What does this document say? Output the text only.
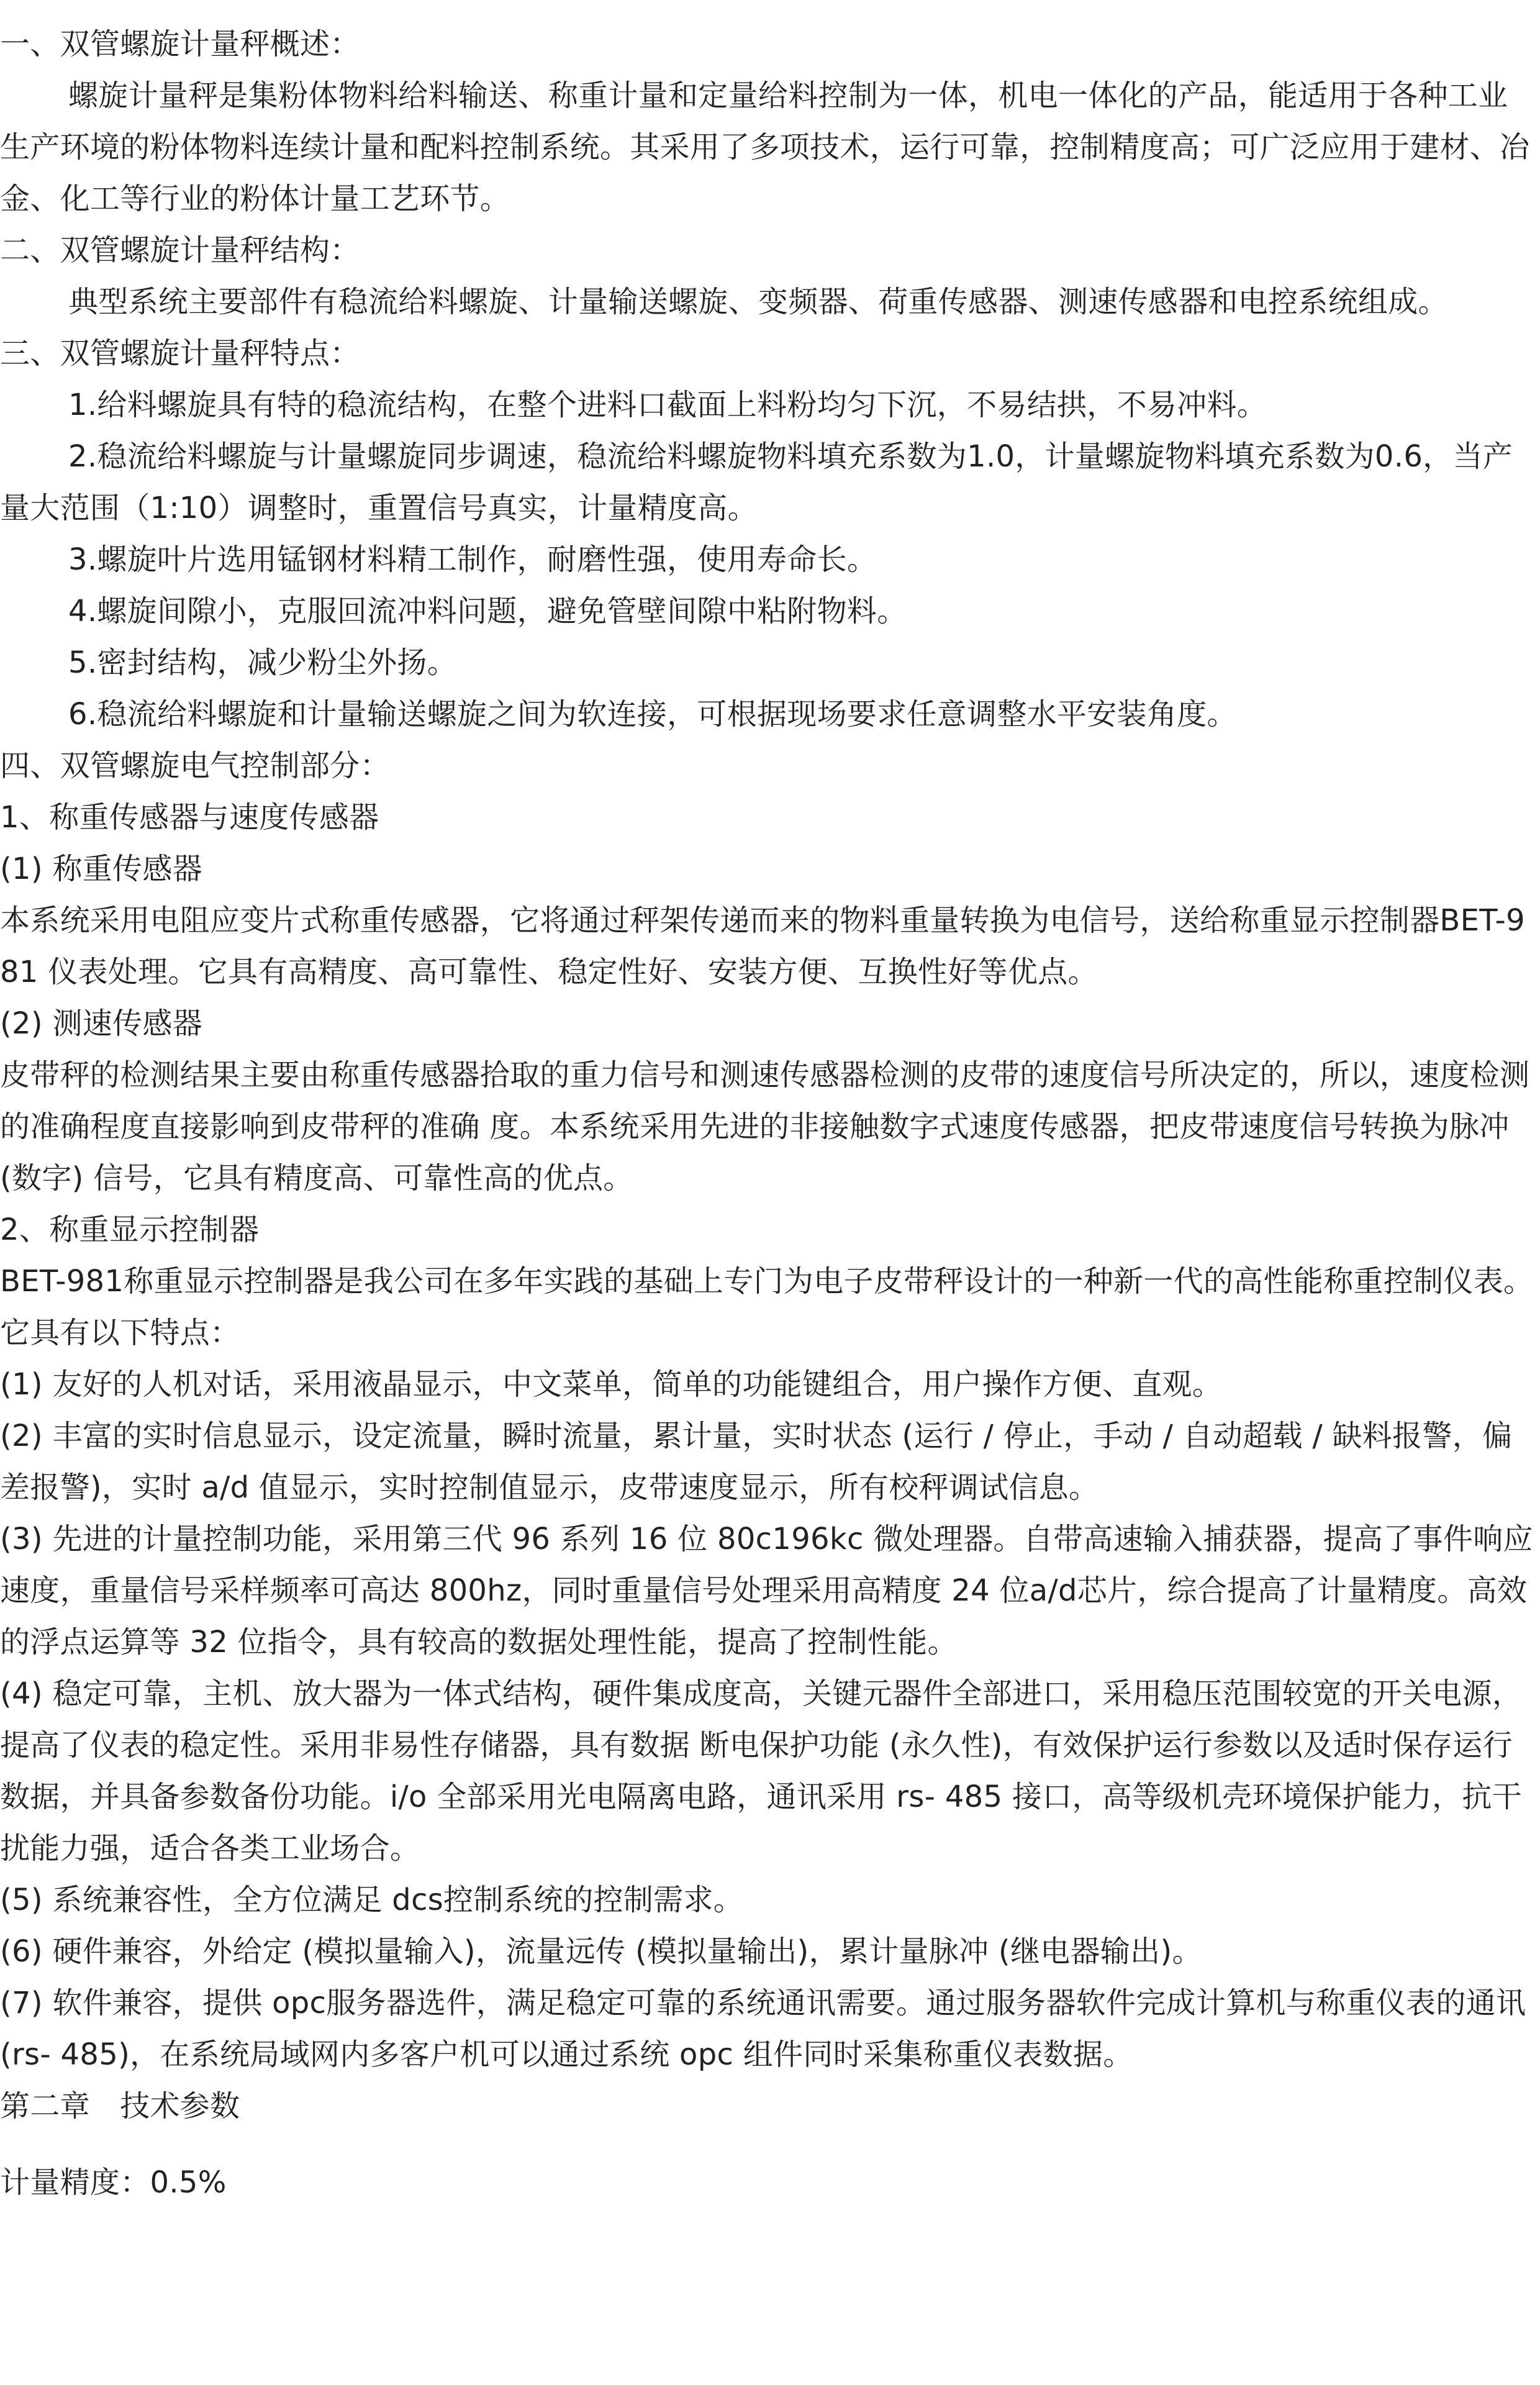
一、双管螺旋计量秤概述：

螺旋计量秤是集粉体物料给料输送、称重计量和定量给料控制为一体，机电一体化的产品，能适用于各种工业生产环境的粉体物料连续计量和配料控制系统。其采用了多项技术，运行可靠，控制精度高；可广泛应用于建材、冶金、化工等行业的粉体计量工艺环节。

二、双管螺旋计量秤结构：

典型系统主要部件有稳流给料螺旋、计量输送螺旋、变频器、荷重传感器、测速传感器和电控系统组成。

三、双管螺旋计量秤特点：

1.给料螺旋具有特的稳流结构，在整个进料口截面上料粉均匀下沉，不易结拱，不易冲料。

2.稳流给料螺旋与计量螺旋同步调速，稳流给料螺旋物料填充系数为1.0，计量螺旋物料填充系数为0.6，当产量大范围（1:10）调整时，重置信号真实，计量精度高。

3.螺旋叶片选用锰钢材料精工制作，耐磨性强，使用寿命长。

4.螺旋间隙小，克服回流冲料问题，避免管壁间隙中粘附物料。

5.密封结构，减少粉尘外扬。

6.稳流给料螺旋和计量输送螺旋之间为软连接，可根据现场要求任意调整水平安装角度。

四、双管螺旋电气控制部分：

1、称重传感器与速度传感器

(1) 称重传感器

本系统采用电阻应变片式称重传感器，它将通过秤架传递而来的物料重量转换为电信号，送给称重显示控制器BET-981 仪表处理。它具有高精度、高可靠性、稳定性好、安装方便、互换性好等优点。

(2) 测速传感器

皮带秤的检测结果主要由称重传感器拾取的重力信号和测速传感器检测的皮带的速度信号所决定的，所以，速度检测的准确程度直接影响到皮带秤的准确 度。本系统采用先进的非接触数字式速度传感器，把皮带速度信号转换为脉冲 (数字) 信号，它具有精度高、可靠性高的优点。

2、称重显示控制器

BET-981称重显示控制器是我公司在多年实践的基础上专门为电子皮带秤设计的一种新一代的高性能称重控制仪表。它具有以下特点：

(1) 友好的人机对话，采用液晶显示，中文菜单，简单的功能键组合，用户操作方便、直观。

(2) 丰富的实时信息显示，设定流量，瞬时流量，累计量，实时状态 (运行 / 停止，手动 / 自动超载 / 缺料报警，偏差报警)，实时 a/d 值显示，实时控制值显示，皮带速度显示，所有校秤调试信息。

(3) 先进的计量控制功能，采用第三代 96 系列 16 位 80c196kc 微处理器。自带高速输入捕获器，提高了事件响应速度，重量信号采样频率可高达 800hz，同时重量信号处理采用高精度 24 位a/d芯片，综合提高了计量精度。高效的浮点运算等 32 位指令，具有较高的数据处理性能，提高了控制性能。

(4) 稳定可靠，主机、放大器为一体式结构，硬件集成度高，关键元器件全部进口，采用稳压范围较宽的开关电源，提高了仪表的稳定性。采用非易性存储器，具有数据 断电保护功能 (永久性)，有效保护运行参数以及适时保存运行数据，并具备参数备份功能。i/o 全部采用光电隔离电路，通讯采用 rs- 485 接口，高等级机壳环境保护能力，抗干扰能力强，适合各类工业场合。

(5) 系统兼容性，全方位满足 dcs控制系统的控制需求。

(6) 硬件兼容，外给定 (模拟量输入)，流量远传 (模拟量输出)，累计量脉冲 (继电器输出)。

(7) 软件兼容，提供 opc服务器选件，满足稳定可靠的系统通讯需要。通过服务器软件完成计算机与称重仪表的通讯 (rs- 485)，在系统局域网内多客户机可以通过系统 opc 组件同时采集称重仪表数据。

第二章　技术参数

计量精度：0.5%
